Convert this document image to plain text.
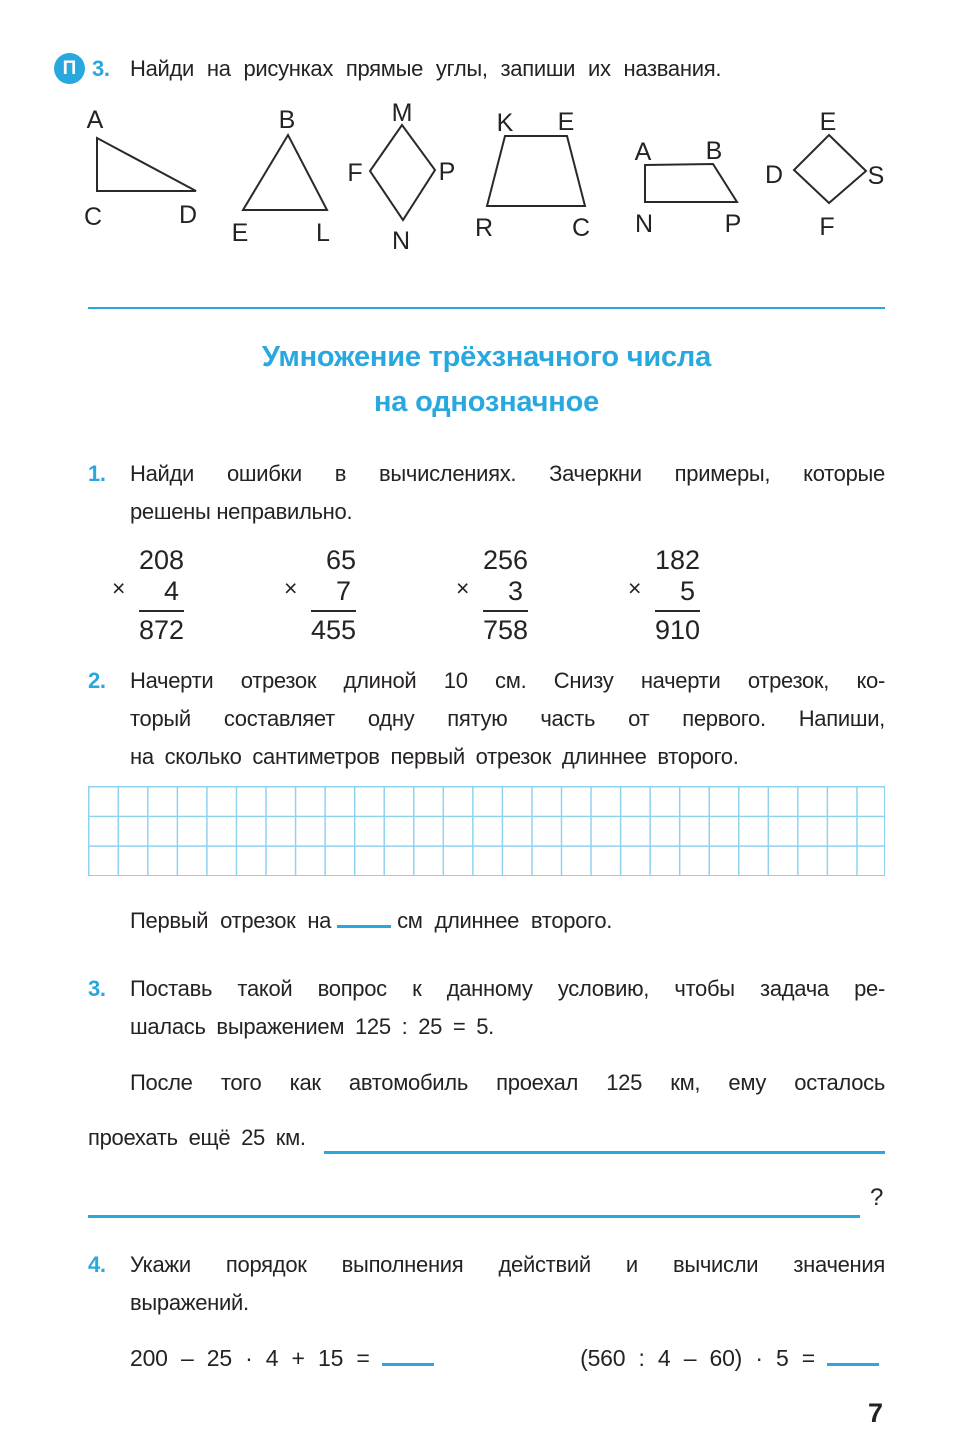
П 3. Найди на рисунках прямые углы, запиши их названия.
A
C	D
B
E	L
M
F	P
N
K E
R	C
A B
N	P
E
D	S
F
Умножение трёхзначного числа
на однозначное
1. Найди ошибки в вычислениях. Зачеркни примеры, которые
решены неправильно.
×
208
4
872
×
65
7
455
×
256
3
758
×
182
5
910
2. Начерти отрезок длиной 10 см. Снизу начерти отрезок, ко-
торый составляет одну пятую часть от первого. Напиши,
на сколько сантиметров первый отрезок длиннее второго.
Первый отрезок на	см длиннее второго.
3. Поставь такой вопрос к данному условию, чтобы задача ре-
шалась выражением 125 : 25 = 5.
После того как автомобиль проехал 125 км, ему осталось
проехать ещё 25 км.
?
4. Укажи порядок выполнения действий и вычисли значения
выражений.
200 – 25 · 4 + 15 =	(560 : 4 – 60) · 5 =
7
